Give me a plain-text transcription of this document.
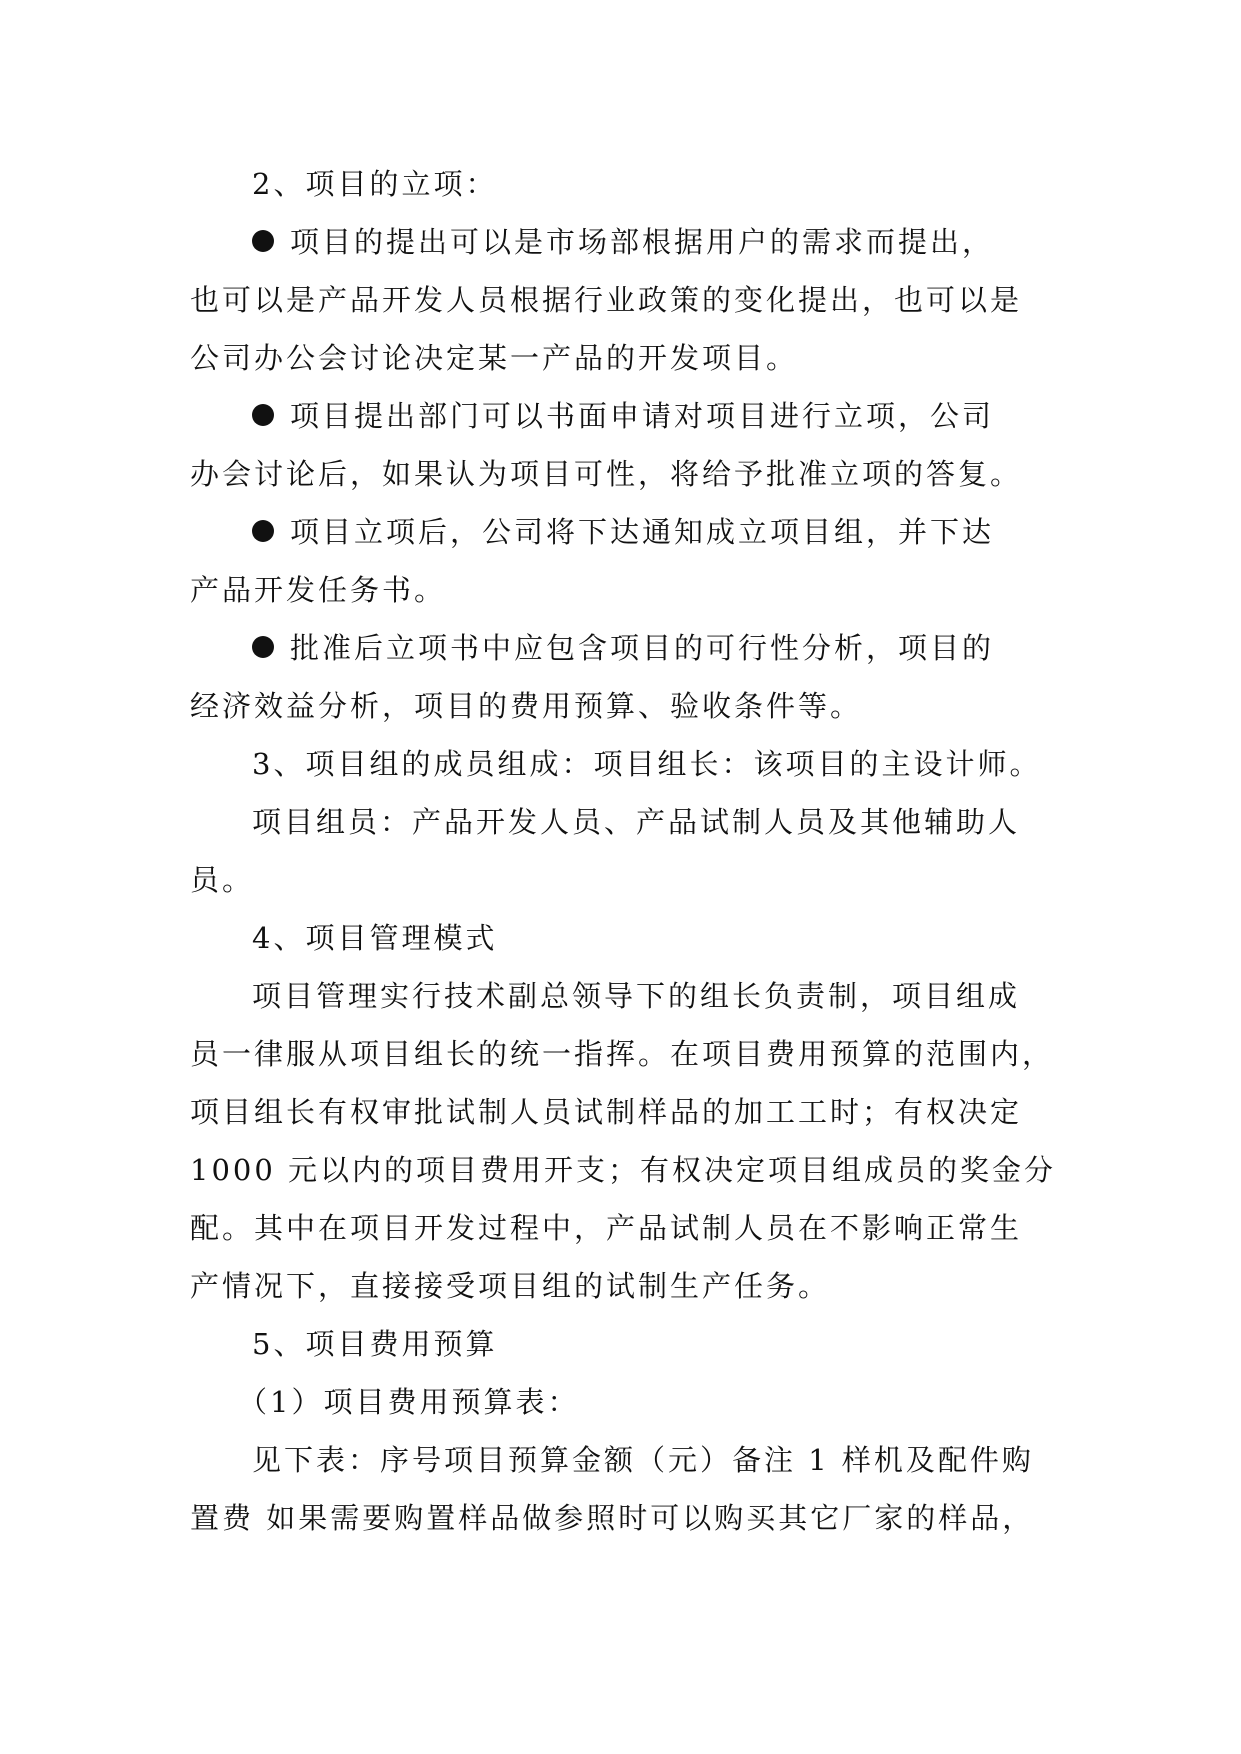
2、项目的立项：
项目的提出可以是市场部根据用户的需求而提出，
也可以是产品开发人员根据行业政策的变化提出，也可以是
公司办公会讨论决定某一产品的开发项目。
项目提出部门可以书面申请对项目进行立项，公司
办会讨论后，如果认为项目可性，将给予批准立项的答复。
项目立项后，公司将下达通知成立项目组，并下达
产品开发任务书。
批准后立项书中应包含项目的可行性分析，项目的
经济效益分析，项目的费用预算、验收条件等。
3、项目组的成员组成：项目组长：该项目的主设计师。
项目组员：产品开发人员、产品试制人员及其他辅助人
员。
4、项目管理模式
项目管理实行技术副总领导下的组长负责制，项目组成
员一律服从项目组长的统一指挥。在项目费用预算的范围内，
项目组长有权审批试制人员试制样品的加工工时；有权决定
1000 元以内的项目费用开支；有权决定项目组成员的奖金分
配。其中在项目开发过程中，产品试制人员在不影响正常生
产情况下，直接接受项目组的试制生产任务。
5、项目费用预算
（1）项目费用预算表：
见下表：序号项目预算金额（元）备注 1 样机及配件购
置费 如果需要购置样品做参照时可以购买其它厂家的样品，
